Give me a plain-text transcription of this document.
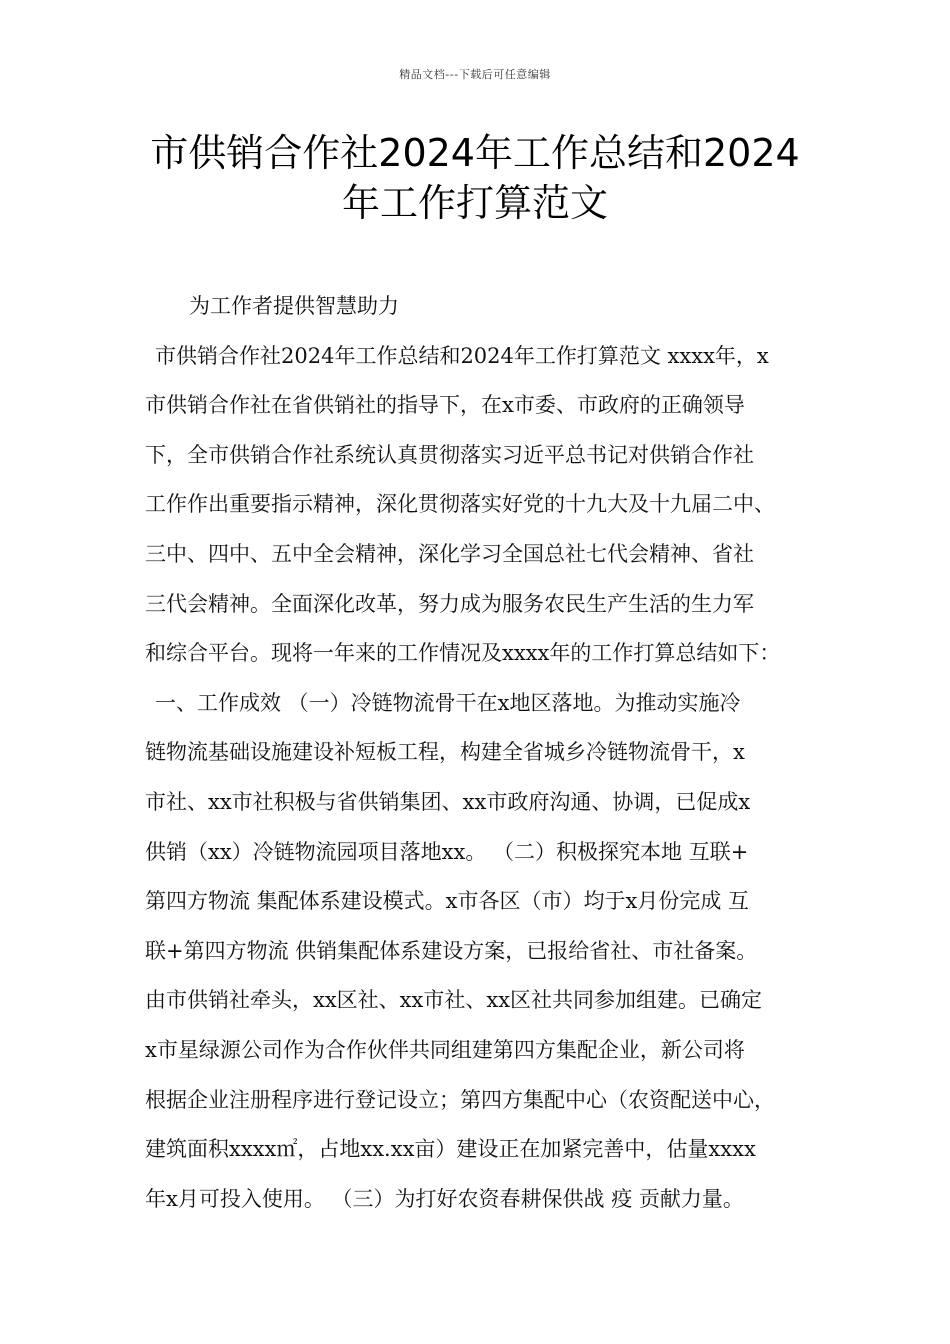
精品文档---下载后可任意编辑
市供销合作社2024年工作总结和2024
年工作打算范文
为工作者提供智慧助力
市供销合作社2024年工作总结和2024年工作打算范文 xxxx年，x
市供销合作社在省供销社的指导下，在x市委、市政府的正确领导
下，全市供销合作社系统认真贯彻落实习近平总书记对供销合作社
工作作出重要指示精神，深化贯彻落实好党的十九大及十九届二中、
三中、四中、五中全会精神，深化学习全国总社七代会精神、省社
三代会精神。全面深化改革，努力成为服务农民生产生活的生力军
和综合平台。现将一年来的工作情况及xxxx年的工作打算总结如下：
一、工作成效 （一）冷链物流骨干在x地区落地。为推动实施冷
链物流基础设施建设补短板工程，构建全省城乡冷链物流骨干，x
市社、xx市社积极与省供销集团、xx市政府沟通、协调，已促成x
供销（xx）冷链物流园项目落地xx。 （二）积极探究本地 互联+
第四方物流 集配体系建设模式。x市各区（市）均于x月份完成 互
联+第四方物流 供销集配体系建设方案，已报给省社、市社备案。
由市供销社牵头，xx区社、xx市社、xx区社共同参加组建。已确定
x市星绿源公司作为合作伙伴共同组建第四方集配企业，新公司将
根据企业注册程序进行登记设立；第四方集配中心（农资配送中心，
建筑面积xxxx㎡，占地xx.xx亩）建设正在加紧完善中，估量xxxx
年x月可投入使用。 （三）为打好农资春耕保供战 疫 贡献力量。
